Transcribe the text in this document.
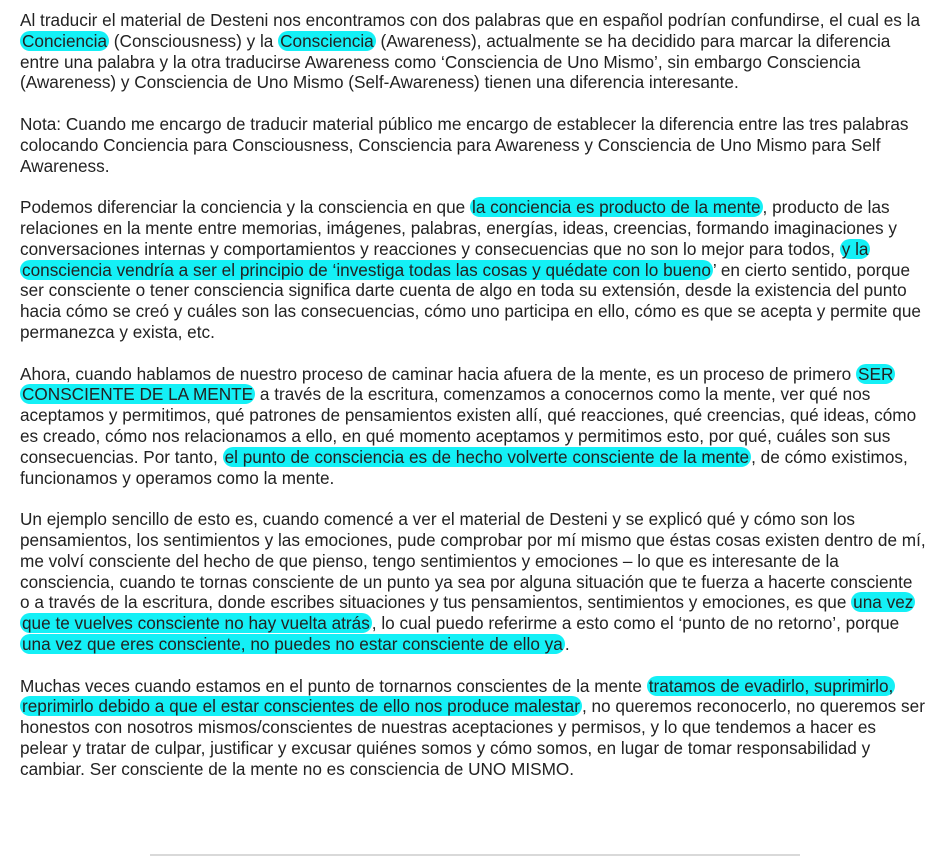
Al traducir el material de Desteni nos encontramos con dos palabras que en español podrían confundirse, el cual es la Conciencia (Consciousness) y la Consciencia (Awareness), actualmente se ha decidido para marcar la diferencia entre una palabra y la otra traducirse Awareness como ‘Consciencia de Uno Mismo’, sin embargo Consciencia (Awareness) y Consciencia de Uno Mismo (Self-Awareness) tienen una diferencia interesante.

Nota: Cuando me encargo de traducir material público me encargo de establecer la diferencia entre las tres palabras colocando Conciencia para Consciousness, Consciencia para Awareness y Consciencia de Uno Mismo para Self Awareness.

Podemos diferenciar la conciencia y la consciencia en que la conciencia es producto de la mente , producto de las relaciones en la mente entre memorias, imágenes, palabras, energías, ideas, creencias, formando imaginaciones y conversaciones internas y comportamientos y reacciones y consecuencias que no son lo mejor para todos, y la consciencia vendría a ser el principio de ‘investiga todas las cosas y quédate con lo bueno ’ en cierto sentido, porque ser consciente o tener consciencia significa darte cuenta de algo en toda su extensión, desde la existencia del punto hacia cómo se creó y cuáles son las consecuencias, cómo uno participa en ello, cómo es que se acepta y permite que permanezca y exista, etc.

Ahora, cuando hablamos de nuestro proceso de caminar hacia afuera de la mente, es un proceso de primero SER CONSCIENTE DE LA MENTE a través de la escritura, comenzamos a conocernos como la mente, ver qué nos aceptamos y permitimos, qué patrones de pensamientos existen allí, qué reacciones, qué creencias, qué ideas, cómo es creado, cómo nos relacionamos a ello, en qué momento aceptamos y permitimos esto, por qué, cuáles son sus consecuencias. Por tanto, el punto de consciencia es de hecho volverte consciente de la mente , de cómo existimos, funcionamos y operamos como la mente.

Un ejemplo sencillo de esto es, cuando comencé a ver el material de Desteni y se explicó qué y cómo son los pensamientos, los sentimientos y las emociones, pude comprobar por mí mismo que éstas cosas existen dentro de mí, me volví consciente del hecho de que pienso, tengo sentimientos y emociones – lo que es interesante de la consciencia, cuando te tornas consciente de un punto ya sea por alguna situación que te fuerza a hacerte consciente o a través de la escritura, donde escribes situaciones y tus pensamientos, sentimientos y emociones, es que una vez que te vuelves consciente no hay vuelta atrás , lo cual puedo referirme a esto como el ‘punto de no retorno’, porque una vez que eres consciente, no puedes no estar consciente de ello ya .

Muchas veces cuando estamos en el punto de tornarnos conscientes de la mente tratamos de evadirlo, suprimirlo, reprimirlo debido a que el estar conscientes de ello nos produce malestar , no queremos reconocerlo, no queremos ser honestos con nosotros mismos/conscientes de nuestras aceptaciones y permisos, y lo que tendemos a hacer es pelear y tratar de culpar, justificar y excusar quiénes somos y cómo somos, en lugar de tomar responsabilidad y cambiar. Ser consciente de la mente no es consciencia de UNO MISMO.
